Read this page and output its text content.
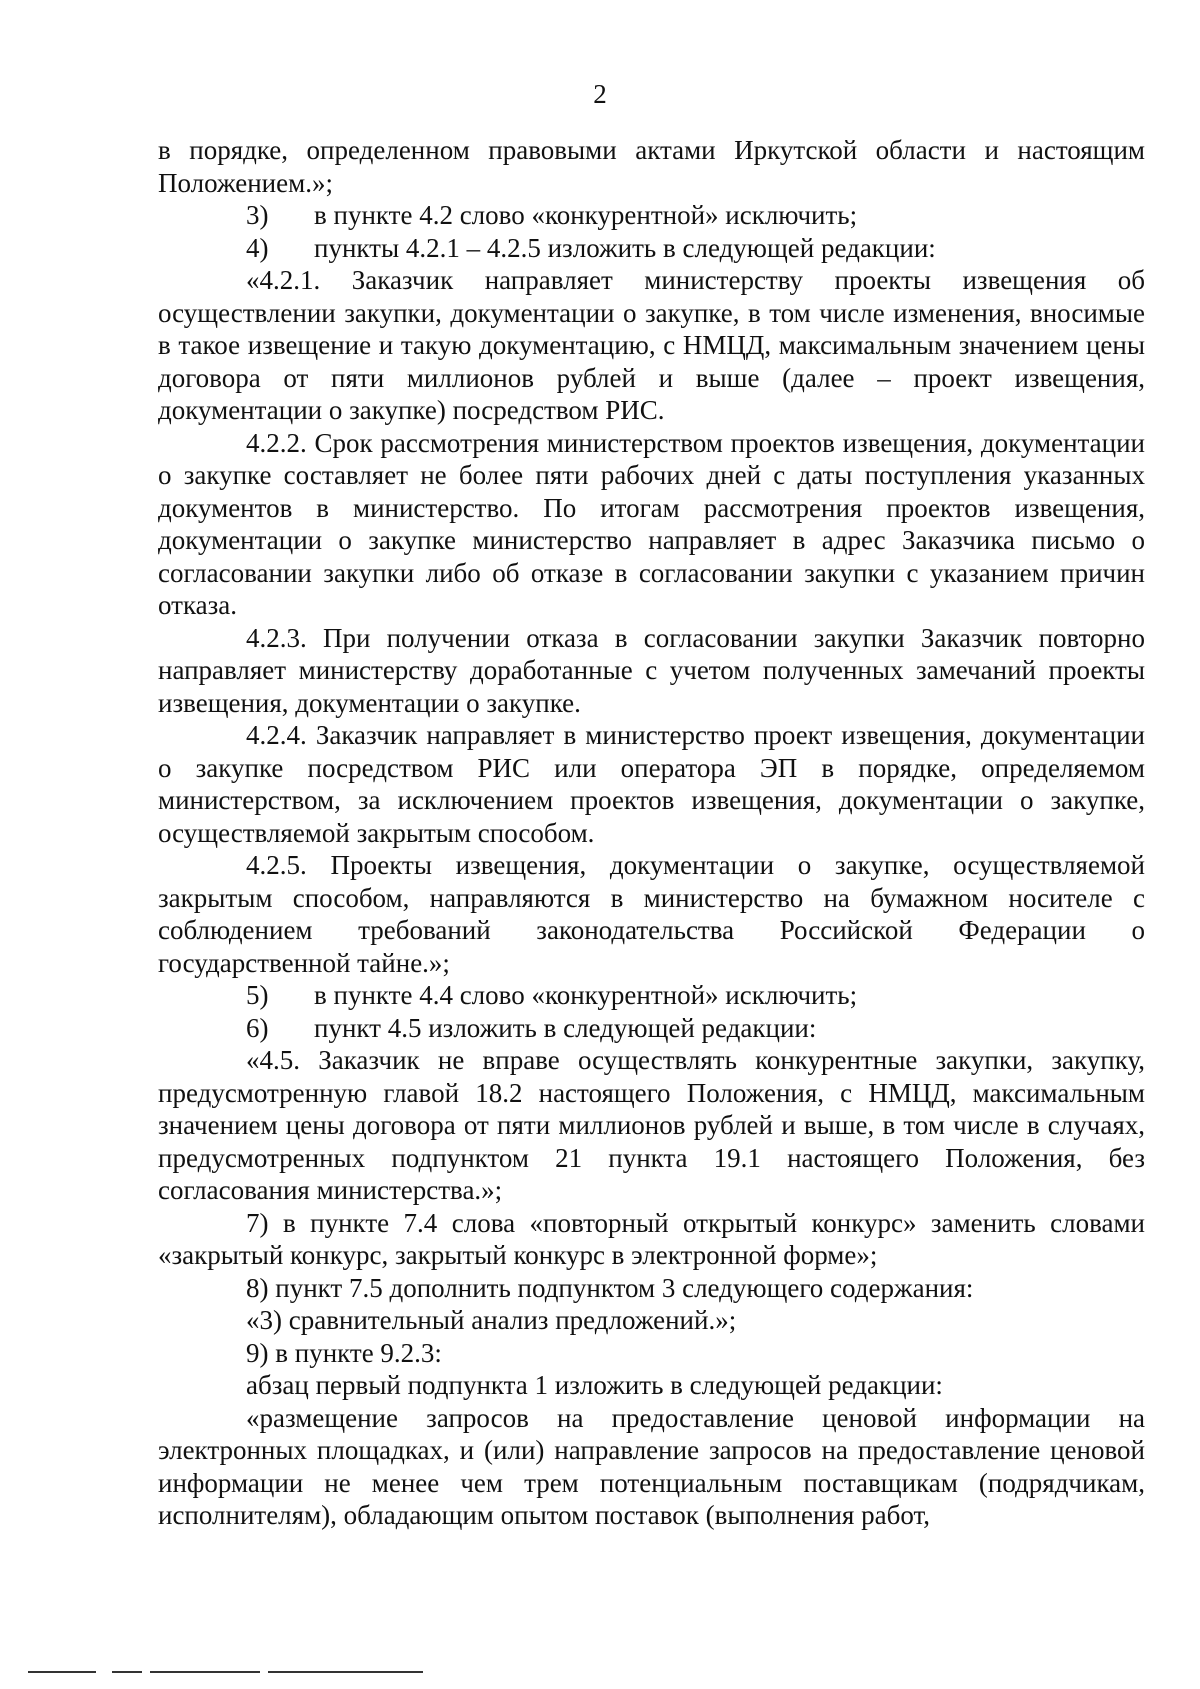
2

в порядке, определенном правовыми актами Иркутской области и настоящим Положением.»;

3) в пункте 4.2 слово «конкурентной» исключить;

4) пункты 4.2.1 – 4.2.5 изложить в следующей редакции:

«4.2.1. Заказчик направляет министерству проекты извещения об осуществлении закупки, документации о закупке, в том числе изменения, вносимые в такое извещение и такую документацию, с НМЦД, максимальным значением цены договора от пяти миллионов рублей и выше (далее – проект извещения, документации о закупке) посредством РИС.

4.2.2. Срок рассмотрения министерством проектов извещения, документации о закупке составляет не более пяти рабочих дней с даты поступления указанных документов в министерство. По итогам рассмотрения проектов извещения, документации о закупке министерство направляет в адрес Заказчика письмо о согласовании закупки либо об отказе в согласовании закупки с указанием причин отказа.

4.2.3. При получении отказа в согласовании закупки Заказчик повторно направляет министерству доработанные с учетом полученных замечаний проекты извещения, документации о закупке.

4.2.4. Заказчик направляет в министерство проект извещения, документации о закупке посредством РИС или оператора ЭП в порядке, определяемом министерством, за исключением проектов извещения, документации о закупке, осуществляемой закрытым способом.

4.2.5. Проекты извещения, документации о закупке, осуществляемой закрытым способом, направляются в министерство на бумажном носителе с соблюдением требований законодательства Российской Федерации о государственной тайне.»;

5) в пункте 4.4 слово «конкурентной» исключить;

6) пункт 4.5 изложить в следующей редакции:

«4.5. Заказчик не вправе осуществлять конкурентные закупки, закупку, предусмотренную главой 18.2 настоящего Положения, с НМЦД, максимальным значением цены договора от пяти миллионов рублей и выше, в том числе в случаях, предусмотренных подпунктом 21 пункта 19.1 настоящего Положения, без согласования министерства.»;

7) в пункте 7.4 слова «повторный открытый конкурс» заменить словами «закрытый конкурс, закрытый конкурс в электронной форме»;

8) пункт 7.5 дополнить подпунктом 3 следующего содержания:

«3) сравнительный анализ предложений.»;

9) в пункте 9.2.3:

абзац первый подпункта 1 изложить в следующей редакции:

«размещение запросов на предоставление ценовой информации на электронных площадках, и (или) направление запросов на предоставление ценовой информации не менее чем трем потенциальным поставщикам (подрядчикам, исполнителям), обладающим опытом поставок (выполнения работ,
